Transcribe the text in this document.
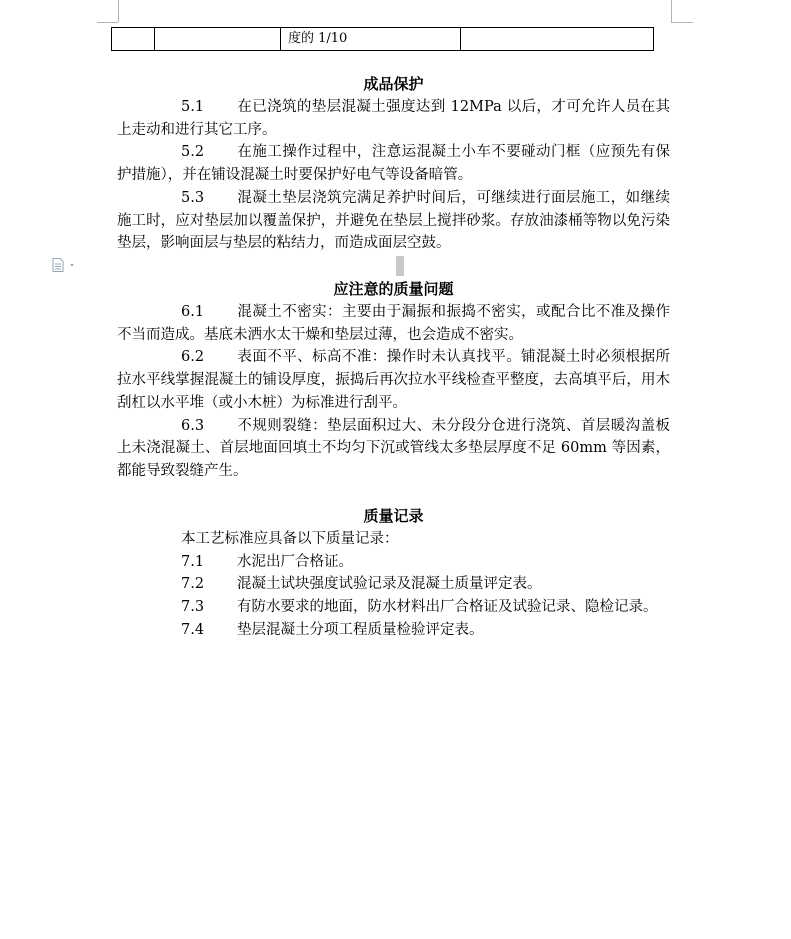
		度的 1/10	
成品保护

5.1 在已浇筑的垫层混凝土强度达到 12MPa 以后，才可允许人员在其上走动和进行其它工序。

5.2 在施工操作过程中，注意运混凝土小车不要碰动门框（应预先有保护措施），并在铺设混凝土时要保护好电气等设备暗管。

5.3 混凝土垫层浇筑完满足养护时间后，可继续进行面层施工，如继续施工时，应对垫层加以覆盖保护，并避免在垫层上搅拌砂浆。存放油漆桶等物以免污染垫层，影响面层与垫层的粘结力，而造成面层空鼓。

应注意的质量问题

6.1 混凝土不密实：主要由于漏振和振捣不密实，或配合比不准及操作不当而造成。基底未洒水太干燥和垫层过薄，也会造成不密实。

6.2 表面不平、标高不准：操作时未认真找平。铺混凝土时必须根据所拉水平线掌握混凝土的铺设厚度，振捣后再次拉水平线检查平整度，去高填平后，用木刮杠以水平堆（或小木桩）为标准进行刮平。

6.3 不规则裂缝：垫层面积过大、未分段分仓进行浇筑、首层暖沟盖板上未浇混凝土、首层地面回填土不均匀下沉或管线太多垫层厚度不足 60mm 等因素，都能导致裂缝产生。

质量记录

本工艺标准应具备以下质量记录：

7.1 水泥出厂合格证。

7.2 混凝土试块强度试验记录及混凝土质量评定表。

7.3 有防水要求的地面，防水材料出厂合格证及试验记录、隐检记录。

7.4 垫层混凝土分项工程质量检验评定表。
